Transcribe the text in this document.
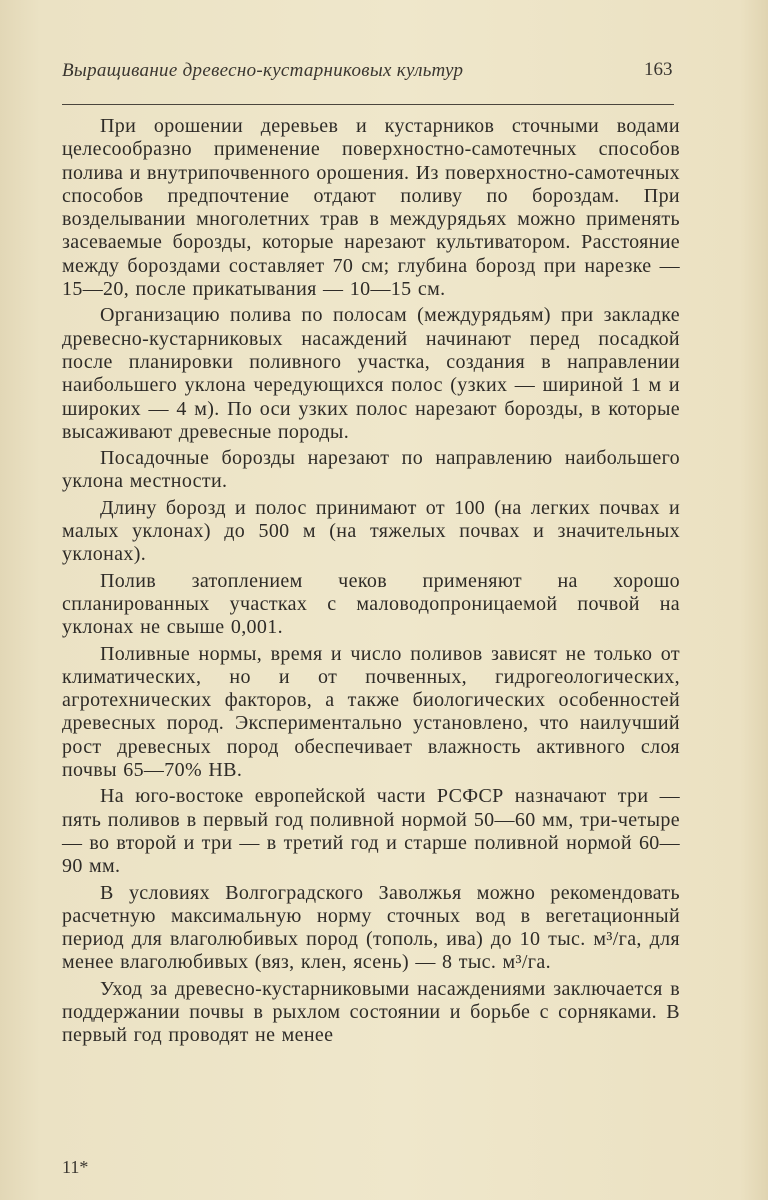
Выращивание древесно-кустарниковых культур	163

При орошении деревьев и кустарников сточными водами целесообразно применение поверхностно-самотечных способов полива и внутрипочвенного орошения. Из поверхностно-самотечных способов предпочтение отдают поливу по бороздам. При возделывании многолетних трав в междурядьях можно применять засеваемые борозды, которые нарезают культиватором. Расстояние между бороздами составляет 70 см; глубина борозд при нарезке — 15—20, после прикатывания — 10—15 см.

Организацию полива по полосам (междурядьям) при закладке древесно-кустарниковых насаждений начинают перед посадкой после планировки поливного участка, создания в направлении наибольшего уклона чередующихся полос (узких — шириной 1 м и широких — 4 м). По оси узких полос нарезают борозды, в которые высаживают древесные породы.

Посадочные борозды нарезают по направлению наибольшего уклона местности.

Длину борозд и полос принимают от 100 (на легких почвах и малых уклонах) до 500 м (на тяжелых почвах и значительных уклонах).

Полив затоплением чеков применяют на хорошо спланированных участках с маловодопроницаемой почвой на уклонах не свыше 0,001.

Поливные нормы, время и число поливов зависят не только от климатических, но и от почвенных, гидрогеологических, агротехнических факторов, а также биологических особенностей древесных пород. Экспериментально установлено, что наилучший рост древесных пород обеспечивает влажность активного слоя почвы 65—70% НВ.

На юго-востоке европейской части РСФСР назначают три — пять поливов в первый год поливной нормой 50—60 мм, три-четыре — во второй и три — в третий год и старше поливной нормой 60—90 мм.

В условиях Волгоградского Заволжья можно рекомендовать расчетную максимальную норму сточных вод в вегетационный период для влаголюбивых пород (тополь, ива) до 10 тыс. м³/га, для менее влаголюбивых (вяз, клен, ясень) — 8 тыс. м³/га.

Уход за древесно-кустарниковыми насаждениями заключается в поддержании почвы в рыхлом состоянии и борьбе с сорняками. В первый год проводят не менее

11*
